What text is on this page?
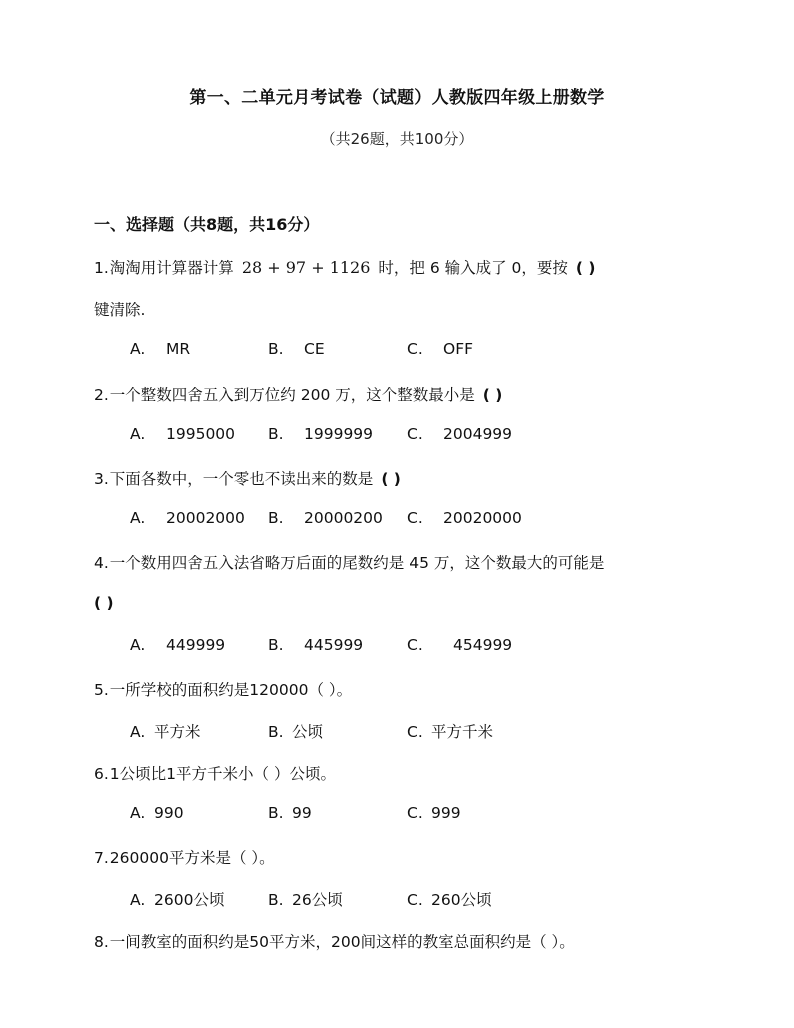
第一、二单元月考试卷（试题）人教版四年级上册数学
（共26题，共100分）
一、选择题（共8题，共16分）
1.淘淘用计算器计算 28 + 97 + 1126 时，把 6 输入成了 0，要按 ( )
键清除.
A. MR	B. CE	C. OFF
2.一个整数四舍五入到万位约 200 万，这个整数最小是 ( )
A. 1995000 B. 1999999 C. 2004999
3.下面各数中，一个零也不读出来的数是 ( )
A. 20002000 B. 20000200 C. 20020000
4.一个数用四舍五入法省略万后面的尾数约是 45 万，这个数最大的可能是
( )
A. 449999	B. 445999	C. 454999
5.一所学校的面积约是120000（ ）。
A. 平方米	B. 公顷	C. 平方千米
6.1公顷比1平方千米小（ ）公顷。
A. 990	B. 99	C. 999
7.260000平方米是（ ）。
A. 2600公顷	B. 26公顷	C. 260公顷
8.一间教室的面积约是50平方米，200间这样的教室总面积约是（ ）。
